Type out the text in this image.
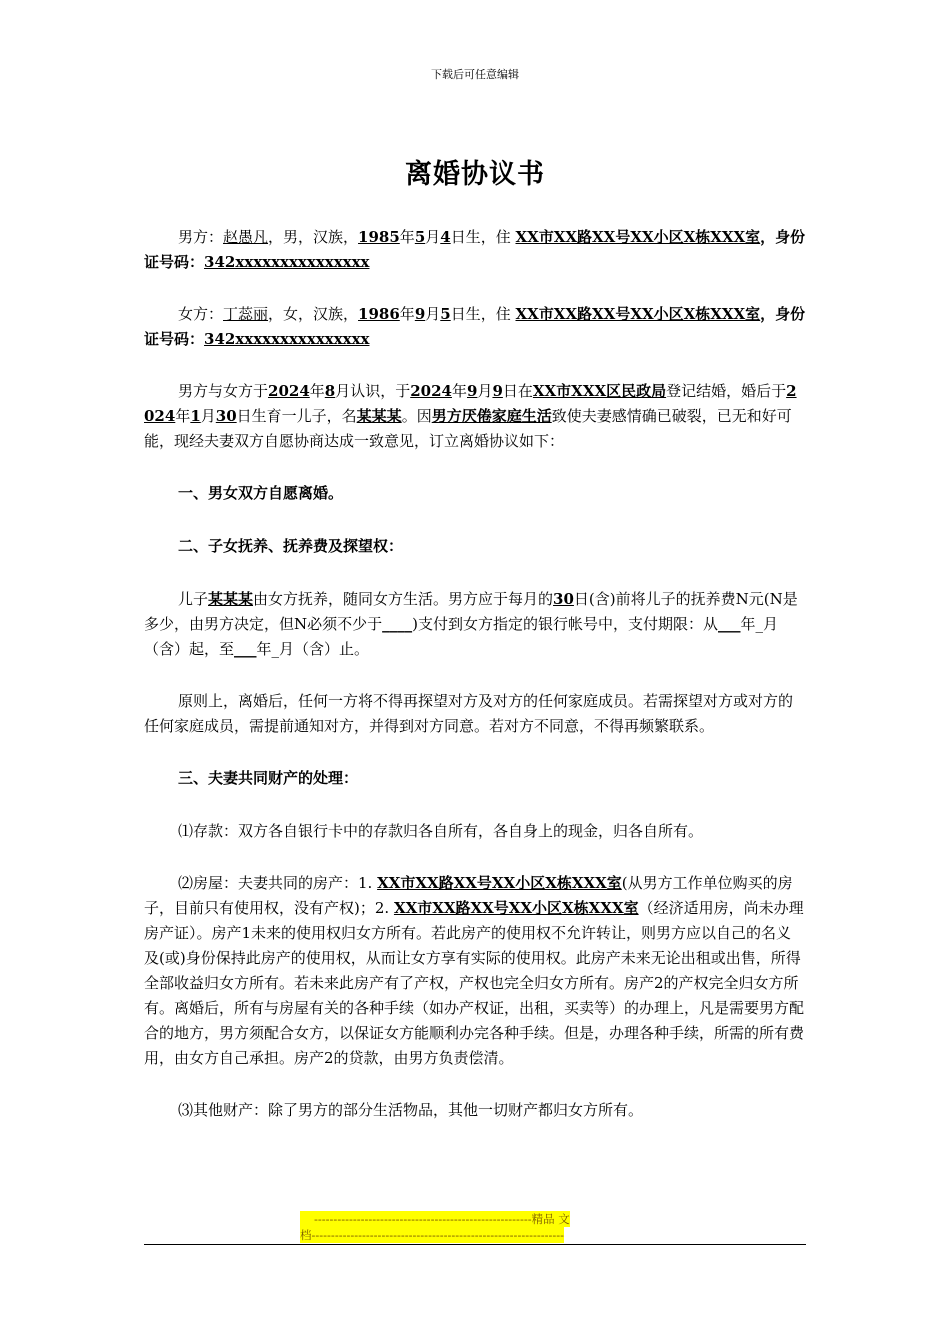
下载后可任意编辑
离婚协议书

男方：赵愚凡，男，汉族，1985年5月4日生，住 XX市XX路XX号XX小区X栋XXX室，身份证号码：342xxxxxxxxxxxxxxx

女方：丁蕊丽，女，汉族，1986年9月5日生，住 XX市XX路XX号XX小区X栋XXX室，身份证号码：342xxxxxxxxxxxxxxx

男方与女方于2024年8月认识，于2024年9月9日在XX市XXX区民政局登记结婚，婚后于2024年1月30日生育一儿子，名某某某。因男方厌倦家庭生活致使夫妻感情确已破裂，已无和好可能，现经夫妻双方自愿协商达成一致意见，订立离婚协议如下：

一、男女双方自愿离婚。

二、子女抚养、抚养费及探望权：

儿子某某某由女方抚养，随同女方生活。男方应于每月的30日(含)前将儿子的抚养费N元(N是多少，由男方决定，但N必须不少于____)支付到女方指定的银行帐号中，支付期限：从___年_月（含）起，至___年_月（含）止。

原则上，离婚后，任何一方将不得再探望对方及对方的任何家庭成员。若需探望对方或对方的任何家庭成员，需提前通知对方，并得到对方同意。若对方不同意，不得再频繁联系。

三、夫妻共同财产的处理：

⑴存款：双方各自银行卡中的存款归各自所有，各自身上的现金，归各自所有。

⑵房屋：夫妻共同的房产：1. XX市XX路XX号XX小区X栋XXX室(从男方工作单位购买的房子，目前只有使用权，没有产权)；2. XX市XX路XX号XX小区X栋XXX室（经济适用房，尚未办理房产证）。房产1未来的使用权归女方所有。若此房产的使用权不允许转让，则男方应以自己的名义及(或)身份保持此房产的使用权，从而让女方享有实际的使用权。此房产未来无论出租或出售，所得全部收益归女方所有。若未来此房产有了产权，产权也完全归女方所有。房产2的产权完全归女方所有。离婚后，所有与房屋有关的各种手续（如办产权证，出租，买卖等）的办理上，凡是需要男方配合的地方，男方须配合女方，以保证女方能顺利办完各种手续。但是，办理各种手续，所需的所有费用，由女方自己承担。房产2的贷款，由男方负责偿清。

⑶其他财产：除了男方的部分生活物品，其他一切财产都归女方所有。

--------------------------------------------------------精品 文
档-----------------------------------------------------------------
